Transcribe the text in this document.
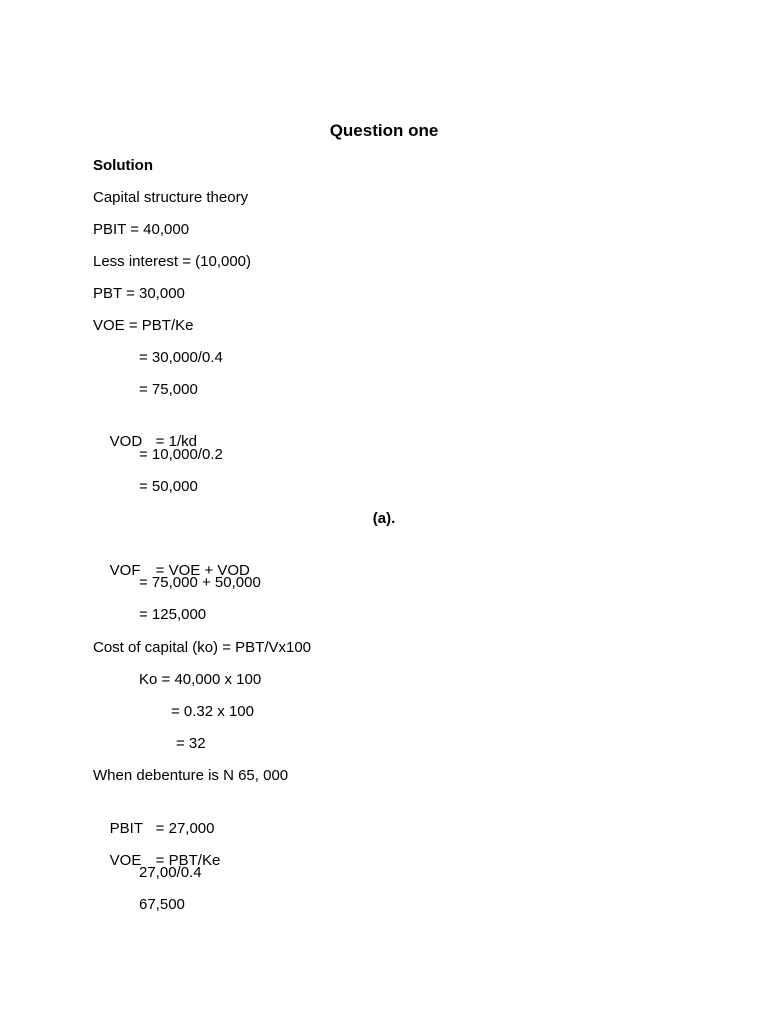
Question one
Solution
Capital structure theory
PBIT = 40,000
Less interest = (10,000)
PBT = 30,000
VOE = PBT/Ke
= 30,000/0.4
= 75,000

VOD = 1/kd

= 10,000/0.2
= 50,000
(a).

VOF = VOE + VOD

= 75,000 + 50,000
= 125,000
Cost of capital (ko) = PBT/Vx100
Ko = 40,000 x 100
= 0.32 x 100
= 32
When debenture is N 65, 000

PBIT = 27,000

VOE = PBT/Ke

27,00/0.4
67,500
